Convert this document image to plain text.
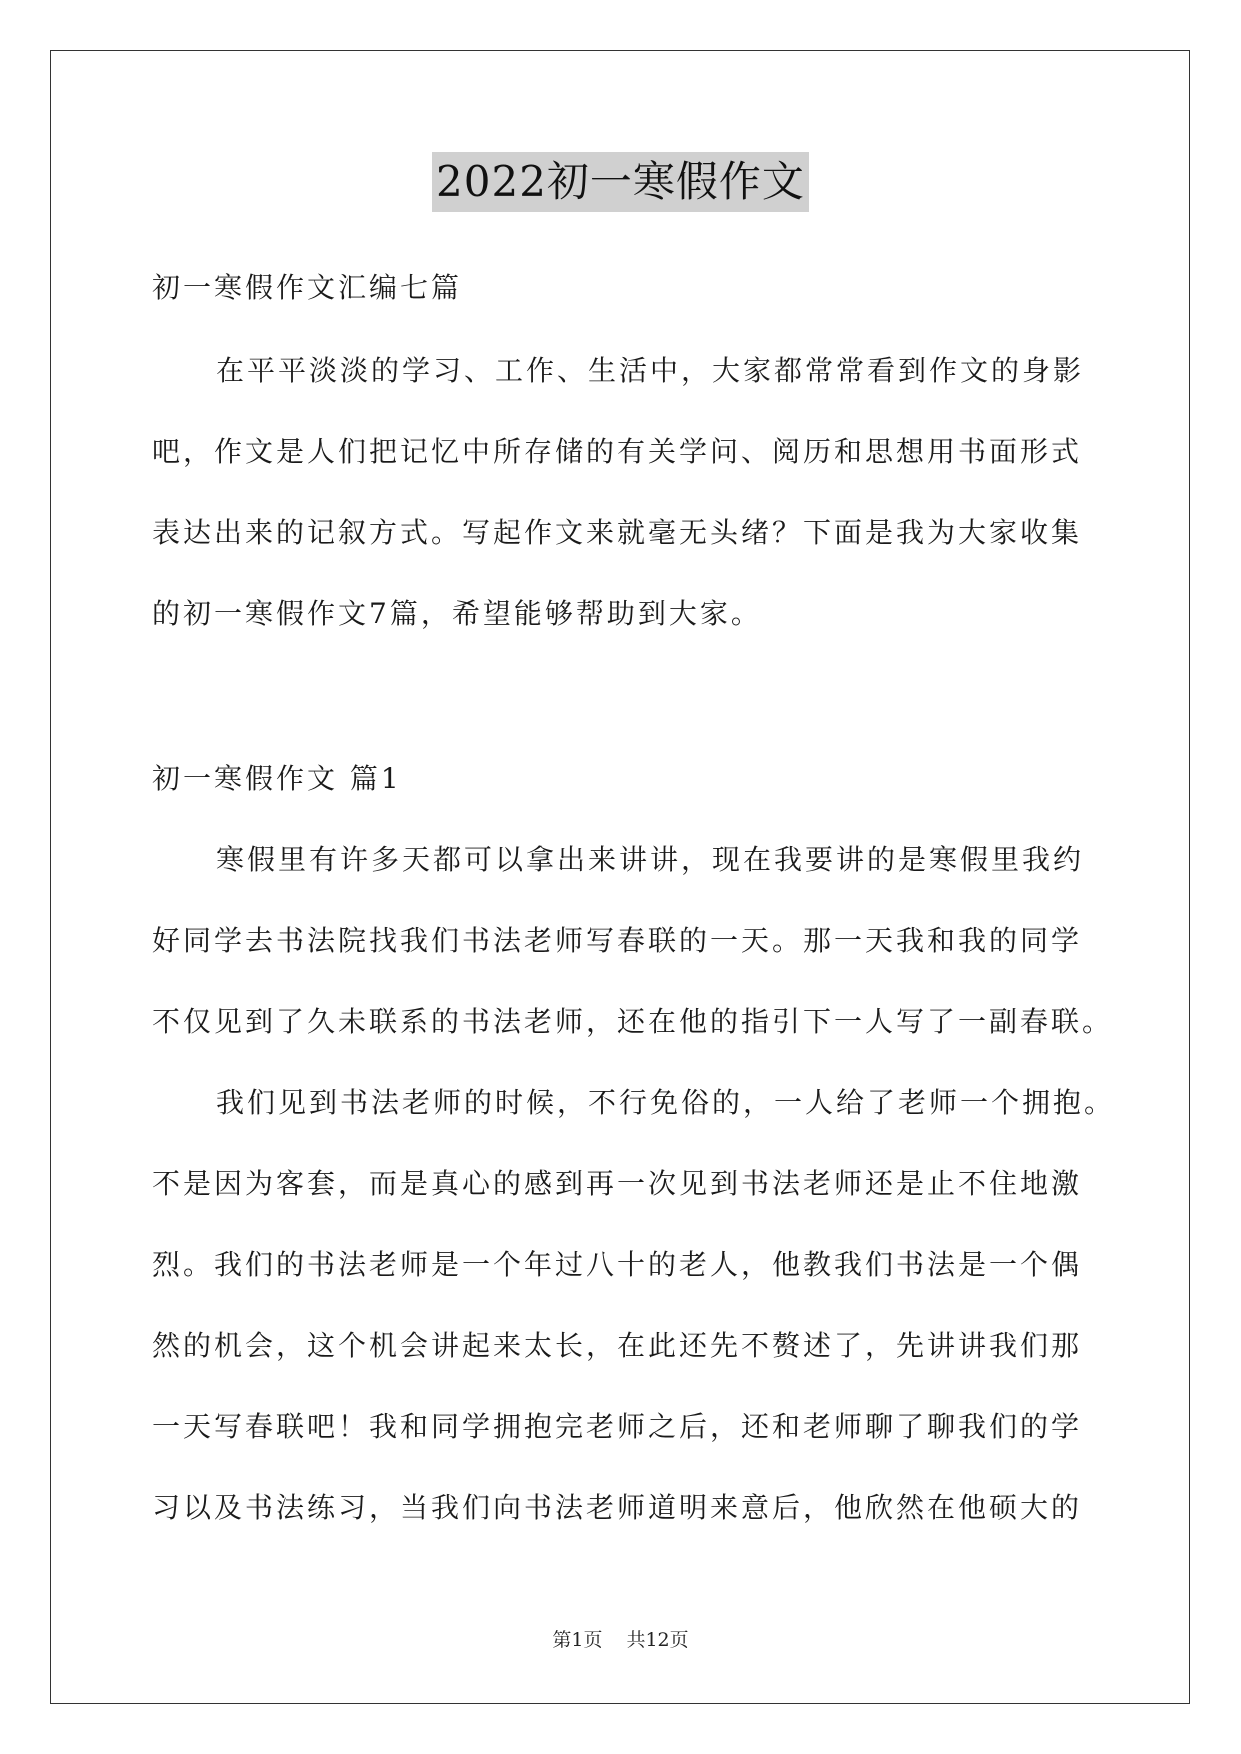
2022初一寒假作文
初一寒假作文汇编七篇
在平平淡淡的学习、工作、生活中，大家都常常看到作文的身影
吧，作文是人们把记忆中所存储的有关学问、阅历和思想用书面形式
表达出来的记叙方式。写起作文来就毫无头绪？下面是我为大家收集
的初一寒假作文7篇，希望能够帮助到大家。
初一寒假作文 篇1
寒假里有许多天都可以拿出来讲讲，现在我要讲的是寒假里我约
好同学去书法院找我们书法老师写春联的一天。那一天我和我的同学
不仅见到了久未联系的书法老师，还在他的指引下一人写了一副春联。
我们见到书法老师的时候，不行免俗的，一人给了老师一个拥抱。
不是因为客套，而是真心的感到再一次见到书法老师还是止不住地激
烈。我们的书法老师是一个年过八十的老人，他教我们书法是一个偶
然的机会，这个机会讲起来太长，在此还先不赘述了，先讲讲我们那
一天写春联吧！我和同学拥抱完老师之后，还和老师聊了聊我们的学
习以及书法练习，当我们向书法老师道明来意后，他欣然在他硕大的
第1页 共12页
